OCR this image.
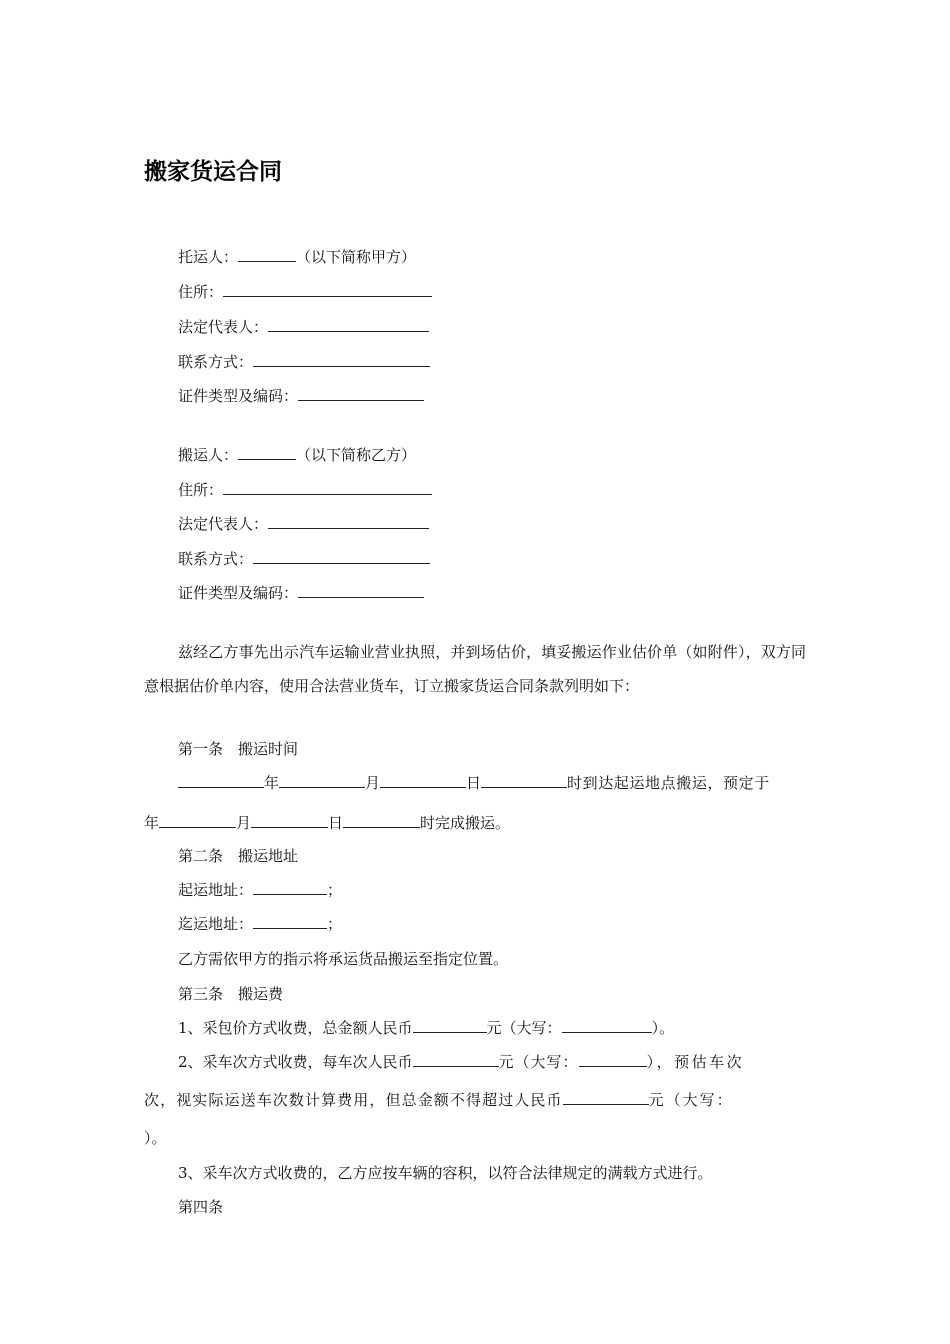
搬家货运合同
托运人：	（以下简称甲方）
住所：
法定代表人：
联系方式：
证件类型及编码：
搬运人：	（以下简称乙方）
住所：
法定代表人：
联系方式：
证件类型及编码：

兹经乙方事先出示汽车运输业营业执照，并到场估价，填妥搬运作业估价单（如附件），双方同意根据估价单内容，使用合法营业货车，订立搬家货运合同条款列明如下：

第一条　搬运时间
年	月	日	时到达起运地点搬运，预定于
年	月	日	时完成搬运。
第二条　搬运地址
起运地址：	；
迄运地址：	；
乙方需依甲方的指示将承运货品搬运至指定位置。
第三条　搬运费
1、采包价方式收费，总金额人民币	元（大写：	）。
2、采车次方式收费，每车次人民币	元（大写：	），预估车次
次，视实际运送车次数计算费用，但总金额不得超过人民币	元（大写：
）。
3、采车次方式收费的，乙方应按车辆的容积，以符合法律规定的满载方式进行。
第四条
